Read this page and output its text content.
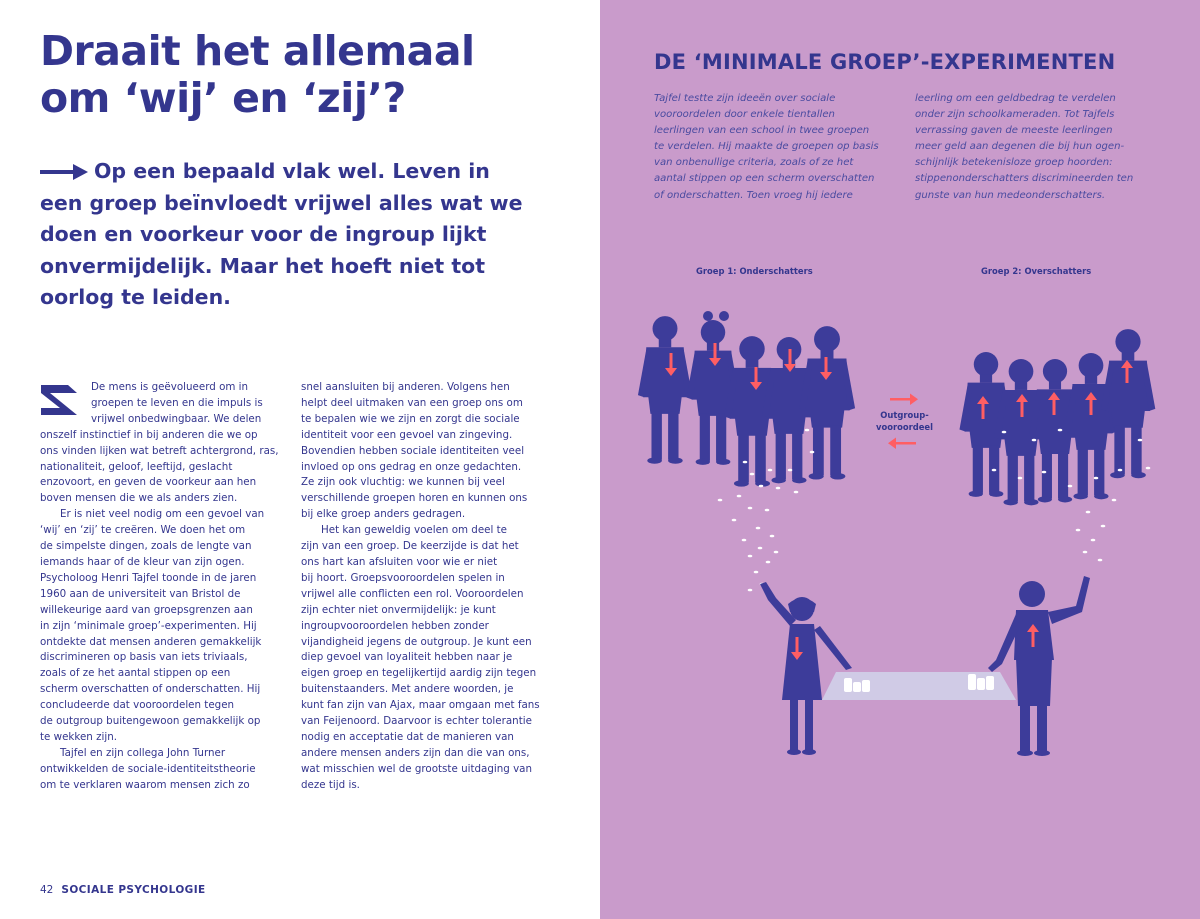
Draait het allemaal
om ‘wij’ en ‘zij’?
Op een bepaald vlak wel. Leven in
een groep beïnvloedt vrijwel alles wat we
doen en voorkeur voor de ingroup lijkt
onvermijdelijk. Maar het hoeft niet tot
oorlog te leiden.
De mens is geëvolueerd om in
groepen te leven en die impuls is
vrijwel onbedwingbaar. We delen
onszelf instinctief in bij anderen die we op
ons vinden lijken wat betreft achtergrond, ras,
nationaliteit, geloof, leeftijd, geslacht
enzovoort, en geven de voorkeur aan hen
boven mensen die we als anders zien.
Er is niet veel nodig om een gevoel van
‘wij’ en ‘zij’ te creëren. We doen het om
de simpelste dingen, zoals de lengte van
iemands haar of de kleur van zijn ogen.
Psycholoog Henri Tajfel toonde in de jaren
1960 aan de universiteit van Bristol de
willekeurige aard van groepsgrenzen aan
in zijn ‘minimale groep’-experimenten. Hij
ontdekte dat mensen anderen gemakkelijk
discrimineren op basis van iets triviaals,
zoals of ze het aantal stippen op een
scherm overschatten of onderschatten. Hij
concludeerde dat vooroordelen tegen
de outgroup buitengewoon gemakkelijk op
te wekken zijn.
Tajfel en zijn collega John Turner
ontwikkelden de sociale-identiteitstheorie
om te verklaren waarom mensen zich zo
snel aansluiten bij anderen. Volgens hen
helpt deel uitmaken van een groep ons om
te bepalen wie we zijn en zorgt die sociale
identiteit voor een gevoel van zingeving.
Bovendien hebben sociale identiteiten veel
invloed op ons gedrag en onze gedachten.
Ze zijn ook vluchtig: we kunnen bij veel
verschillende groepen horen en kunnen ons
bij elke groep anders gedragen.
Het kan geweldig voelen om deel te
zijn van een groep. De keerzijde is dat het
ons hart kan afsluiten voor wie er niet
bij hoort. Groepsvooroordelen spelen in
vrijwel alle conflicten een rol. Vooroordelen
zijn echter niet onvermijdelijk: je kunt
ingroupvooroordelen hebben zonder
vijandigheid jegens de outgroup. Je kunt een
diep gevoel van loyaliteit hebben naar je
eigen groep en tegelijkertijd aardig zijn tegen
buitenstaanders. Met andere woorden, je
kunt fan zijn van Ajax, maar omgaan met fans
van Feijenoord. Daarvoor is echter tolerantie
nodig en acceptatie dat de manieren van
andere mensen anders zijn dan die van ons,
wat misschien wel de grootste uitdaging van
deze tijd is.
42 SOCIALE PSYCHOLOGIE
DE ‘MINIMALE GROEP’-EXPERIMENTEN
Tajfel testte zijn ideeën over sociale
vooroordelen door enkele tientallen
leerlingen van een school in twee groepen
te verdelen. Hij maakte de groepen op basis
van onbenullige criteria, zoals of ze het
aantal stippen op een scherm overschatten
of onderschatten. Toen vroeg hij iedere
leerling om een geldbedrag te verdelen
onder zijn schoolkameraden. Tot Tajfels
verrassing gaven de meeste leerlingen
meer geld aan degenen die bij hun ogen-
schijnlijk betekenisloze groep hoorden:
stippenonderschatters discrimineerden ten
gunste van hun medeonderschatters.
Groep 1: Onderschatters	Groep 2: Overschatters
Outgroup-
vooroordeel
